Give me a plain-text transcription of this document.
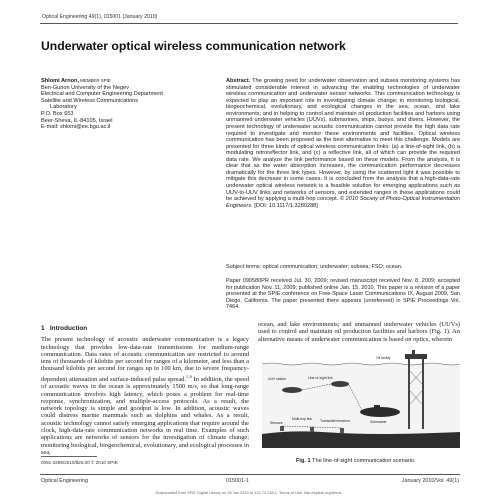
Optical Engineering 49(1), 015001 (January 2010)
Underwater optical wireless communication network
Shlomi Arnon, MEMBER SPIE
Ben-Gurion University of the Negev
Electrical and Computer Engineering Department
Satellite and Wireless Communications
Laboratory
P.O. Box 653
Beer-Sheva, IL-84105, Israel
E-mail: shlomi@ee.bgu.ac.il
Abstract. The growing need for underwater observation and subsea monitoring systems has stimulated considerable interest in advancing the enabling technologies of underwater wireless communication and underwater sensor networks. This communication technology is expected to play an important role in investigating climate change; in monitoring biological, biogeochemical, evolutionary, and ecological changes in the sea, ocean, and lake environments; and in helping to control and maintain oil production facilities and harbors using unmanned underwater vehicles (UUVs), submarines, ships, buoys, and divers. However, the present technology of underwater acoustic communication cannot provide the high data rate required to investigate and monitor these environments and facilities. Optical wireless communication has been proposed as the best alternative to meet this challenge. Models are presented for three kinds of optical wireless communication links: (a) a line-of-sight link, (b) a modulating retroreflector link, and (c) a reflective link, all of which can provide the required data rate. We analyze the link performance based on these models. From the analysis, it is clear that as the water absorption increases, the communication performance decreases dramatically for the three link types. However, by using the scattered light it was possible to mitigate this decrease in some cases. It is concluded from the analysis that a high-data-rate underwater optical wireless network is a feasible solution for emerging applications such as UUV-to-UUV links and networks of sensors, and extended ranges in these applications could be achieved by applying a multi-hop concept. © 2010 Society of Photo-Optical Instrumentation Engineers. [DOI: 10.1117/1.3280288]
Subject terms: optical communication; underwater; subsea; FSO; ocean.
Paper 090580PR received Jul. 30, 2009; revised manuscript received Nov. 8, 2009; accepted for publication Nov. 11, 2009; published online Jan. 15, 2010. This paper is a revision of a paper presented at the SPIE conference on Free-Space Laser Communications IX, August 2009, San Diego, California. The paper presented there appears (unrefereed) in SPIE Proceedings Vol. 7464.
1 Introduction
The present technology of acoustic underwater communication is a legacy technology that provides low-data-rate transmissions for medium-range communication. Data rates of acoustic communication are restricted to around tens of thousands of kilobits per second for ranges of a kilometer, and less than a thousand kilobits per second for ranges up to 100 km, due to severe frequency-dependent attenuation and surface-induced pulse spread.$^{1-6}$ In addition, the speed of acoustic waves in the ocean is approximately 1500 m/s, so that long-range communication involves high latency, which poses a problem for real-time response, synchronization, and multiple-access protocols. As a result, the network topology is simple and goodput is low. In addition, acoustic waves could distress marine mammals such as dolphins and whales. As a result, acoustic technology cannot satisfy emerging applications that require around the clock, high-data-rate communication networks in real time. Examples of such applications are networks of sensors for the investigation of climate change; monitoring biological, biogeochemical, evolutionary, and ecological processes in sea,
0091-3286/2010/$25.00 © 2010 SPIE
ocean, and lake environments; and unmanned underwater vehicles (UUVs) used to control and maintain oil production facilities and harbors (Fig. 1). An alternative means of underwater communication is based on optics, wherein
Oil facility
Submarine
UUV station	Line-of-sight link
Multi-hop link
Sensors	Transmitter/receiver
Fig. 1 The line-of-sight communication scenario.
Optical Engineering	015001-1	January 2010/Vol. 49(1)
Downloaded from SPIE Digital Library on 26 Jan 2010 to 132.72.138.1. Terms of Use: http://spiedl.org/terms
